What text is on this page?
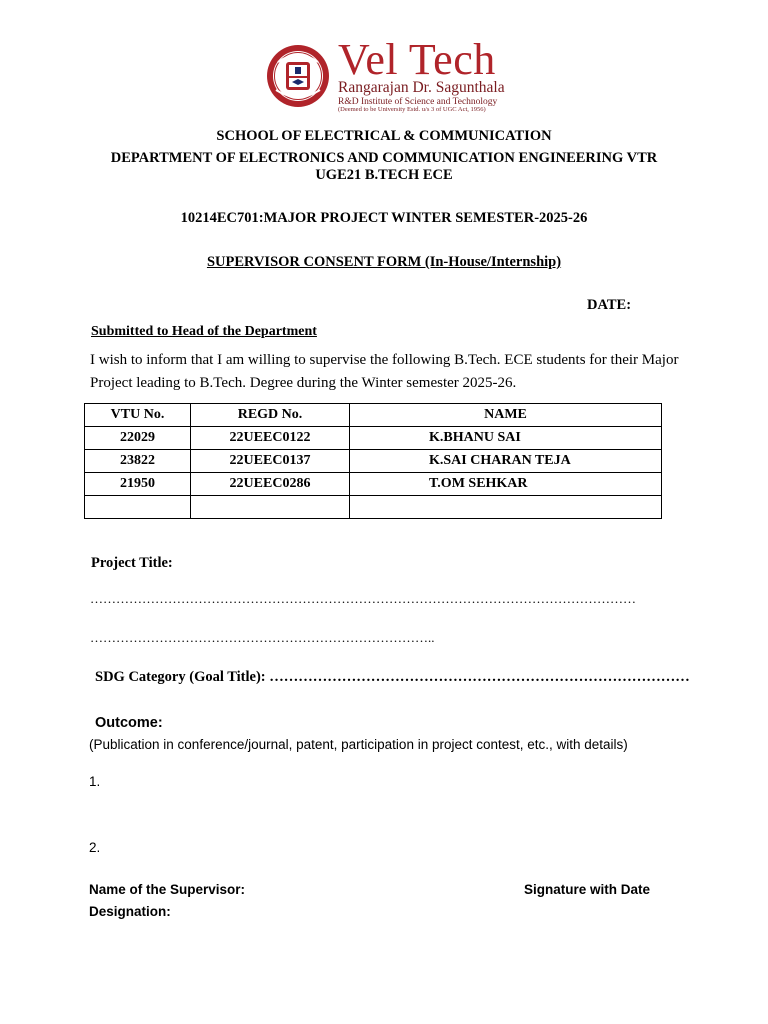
Vel Tech
Rangarajan Dr. Sagunthala
R&D Institute of Science and Technology
(Deemed to be University Estd. u/s 3 of UGC Act, 1956)
SCHOOL OF ELECTRICAL & COMMUNICATION
DEPARTMENT OF ELECTRONICS AND COMMUNICATION ENGINEERING VTR
UGE21 B.TECH ECE
10214EC701:MAJOR PROJECT WINTER SEMESTER-2025-26
SUPERVISOR CONSENT FORM (In-House/Internship)
DATE:
Submitted to Head of the Department
I wish to inform that I am willing to supervise the following B.Tech. ECE students for their Major Project leading to B.Tech. Degree during the Winter semester 2025-26.
VTU No.	REGD No.	NAME
22029	22UEEC0122	K.BHANU SAI
23822	22UEEC0137	K.SAI CHARAN TEJA
21950	22UEEC0286	T.OM SEHKAR

Project Title:
………………………………………………………………………………………………………………
……………………………………………………………………..
SDG Category (Goal Title): ……………………………………………………………………………
Outcome:
(Publication in conference/journal, patent, participation in project contest, etc., with details)
1.
2.
Name of the Supervisor:	Signature with Date
Designation:
